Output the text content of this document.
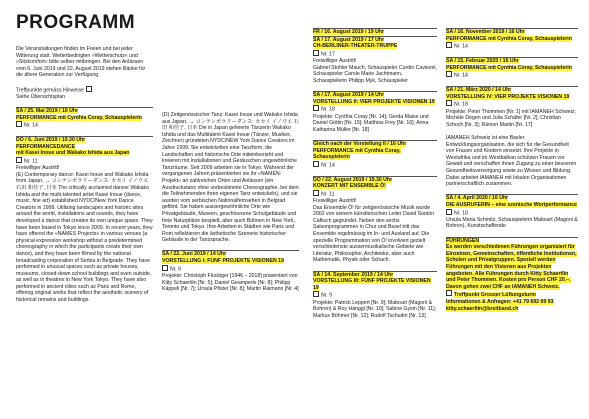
PROGRAMM

Die Veranstaltungen finden im Freien und bei jeder Witterung statt. Wetterbedingten »Wetterschutz« und »Sitzkomfort« bitte selber mitbringen. Bei den Anlässen vom 6. Juni 2019 und 22. August 2019 stehen Bänke für die ältere Generation zur Verfügung.

Treffpunkte gemäss Hinweise
Siehe Übersichtsplan
SA / 25. Mai 2019 / 16 Uhr
PERFORMANCE mit Cynthia Coray, Schauspielerin
Nr. 14
DO / 6. Juni 2019 / 19.30 Uhr
PERFORMANCEDANCE
mit Kasei Inoue und Wakako Ishida aus Japan
Nr. 11
Freiwilliger Austritt!

(E) Contemporary dance: Kasei Inoue and Wakako Ishida from Japan. → コンテンポラリーダンス: カセイ イノウエ 石田 和佳子, 日本 The critically acclaimed dancer Wakako Ishida and the multi-talented artist Kasei Inoue (dance, music, fine art) established NYDC/New York Dance Creators in 1999. Utilising landscapes and historic sites around the world, installations and sounds, they have developed a dance that creates its own unique space. They have been based in Tokyo since 2009. In recent years, they have offered the «NAMES Projects» in various venues (a physical expression workshop without a predetermined choreography in which the participants create their own dance), and they have been filmed by the national broadcasting corporation of Serbia in Belgrade. They have performed in unusual spaces such as private houses, museums, closed-down school buildings and even outside, as well as in theatres in New York Tokyo. They have also performed in ancient cities such as Paris and Rome, offering original works that reflect the aesthetic scenery of historical remains and buildings.

(D) Zeitgenössischer Tanz: Kasei Inoue und Wakako Ishida aus Japan. → コンテンポラリーダンス: カセイ イノウエ 石田 和佳子, 日本 Die in Japan gefeierte Tänzerin Wakako Ishida und das Multitalent Kasei Inoue (Tänzer, Musiker, Zeichner) gründeten NYDC/NEW York Dance Creators im Jahre 1999. Sie entwickelten eine Tanzform, die Landschaften und historische Orte miteinbezieht und kreieren mit Installationen und Geräuschen ungewöhnliche Tanzräume. Seit 2009 arbeiten sie in Tokyo. Während der vergangenen Jahren präsentierten sie ihr «NAMEN-Projekt» an zahlreichen Orten und Anlässen (ein Ausdruckstanz ohne vorbestimmte Choreographie, bei dem die Teilnehmenden ihren eigenen Tanz entwickeln), und sie wurden vom serbischen Nationalfernsehen in Belgrad gefilmt. Sie haben aussergewöhnliche Orte wie Privatgebäude, Museen, geschlossene Schulgebäude und freie Naturplätze bespielt, aber auch Bühnen in New York, Toronto und Tokyo. Ihre Arbeiten in Städten wie Paris und Rom reflektieren die ästhetische Szenerie historischer Gebäude in der Tanzsprache.

SA / 22. Juni 2019 / 14 Uhr
VORSTELLUNG I: FÜNF PROJEKTE VISIONEN 19
Nr. 9

Projekte: Christoph Flückiger [1946 – 2018] präsentiert von Kitty Schaertlin [Nr. 5]; Daniel Geamperle [Nr. 8]; Philipp Käppeli [Nr. 7]; Ursula Pfister [Nr. 8]; Martin Raimann [Nr. 4]

FR / 16. August 2019 / 19 Uhr
SA / 17. August 2019 / 17 Uhr
CH-BERLINER-THEATER-TRUPPE
Nr. 17
Freiwilliger Austritt!

Gabriel Stohler Mauch, Schauspieler Curdin Caviezel, Schauspieler Carole Marie Jachtmann, Schauspielerin Philipp Myk, Schauspieler

SA / 17. August 2019 / 14 Uhr
VORSTELLUNG II: VIER PROJEKTE VISIONEN 19
Nr. 18

Projekte: Cynthia Coray [Nr. 14]; Gerda Maise und Daniel Göttin [Nr. 15]; Matthias Frey [Nr. 16]; Anna Katharina Müller [Nr. 18]

Gleich nach der Vorstellung II / 16 Uhr
PERFORMANCE mit Cynthia Coray, Schauspielerin
Nr. 14
DO / 22. August 2019 / 19.30 Uhr
KONZERT MIT ENSEMBLE Ö!
Nr. 11
Freiwilliger Austritt!

Das Ensemble Ö! für zeitgenössische Musik wurde 2002 von seinem künstlerischen Leiter David Sontón Caflisch gegründet. Neben den sechs Saisonprogrammen in Chur und Basel tritt das Ensemble regelmässig im In- und Ausland auf. Die spezielle Programmation von Ö! involviert gezielt verschiedenste aussermusikalische Gebiete wie Literatur, Philosophie, Architektur, aber auch Mathematik, Physik oder Schach.

SA / 14. September 2019 / 14 Uhr
VORSTELLUNG III: FÜNF PROJEKTE VISIONEN 19
Nr. 9

Projekte: Patrick Leppert [Nr. 9]; Maboart (Magoni & Bohren) & Roy Hänggi [Nr. 10]; Sabine Gysin [Nr. 11]; Markus Böhmer [Nr. 12]; Rudolf Tschudin [Nr. 13]

SA / 16. November 2019 / 16 Uhr
PERFORMANCE mit Cynthia Coray, Schauspielerin
Nr. 14
SA / 15. Februar 2020 / 16 Uhr
PERFORMANCE mit Cynthia Coray, Schauspielerin
Nr. 14
SA / 21. März 2020 / 14 Uhr
VORSTELLUNG IV: VIER PROJEKTE VISIONEN 19
Nr. 18

Projekte: Peter Thommen [Nr. 1] mit IAMANEH Schweiz; Michèle Degen und Julia Schäfer [Nr. 2]; Christian Schoch [Nr. 3]; Rämon Martin [Nr. 17]

IAMANEH Schweiz ist eine Basler Entwicklungsorganisation, die sich für die Gesundheit von Frauen und Kindern einsetzt. Ihre Projekte in Westafrika und im Westbalkan schützen Frauen vor Gewalt und verschaffen ihnen Zugang zu einer besseren Gesundheitsversorgung sowie zu Wissen und Bildung. Dabei arbeitet IAMANEH mit lokalen Organisationen partnerschaftlich zusammen.

SA / 4. April 2020 / 16 Uhr
DIE AUSRUFERIN – eine szenische Wortperformance
Nr. 10

Ursula Maria Schmitz, Schauspielerin Maboart (Magoni & Bohren), Kunstschaffende

FÜHRUNGEN
Es werden verschiedenen Führungen organisiert für Einzelnen, Gemeinschaften, öffentliche Institutionen, Schulen und Privatgruppen. Speziell werden Führungen mit den Visionen aus Projekten angeboten. Alle Führungen durch Kitty Schaertlin und Peter Thommen. Kosten pro Person CHF 20.–. Davon gehen zwei CHF an IAMANEH Schweiz.
Treffpunkt Grosser Lüftungsturm
Informationen & Anfragen: +41 79 692 69 93
kitty.schaertlin@breitband.ch
